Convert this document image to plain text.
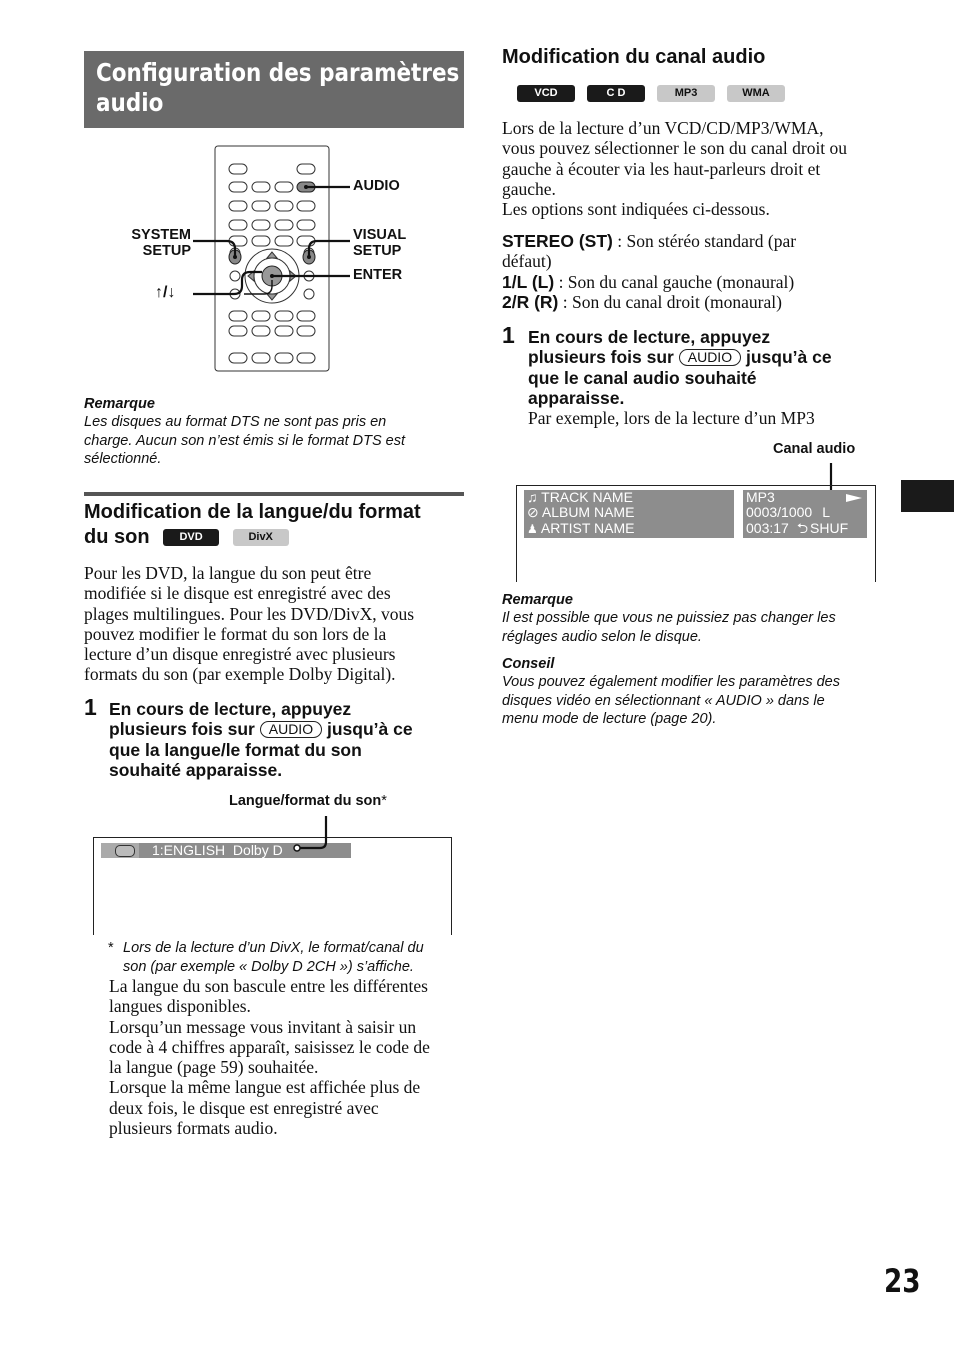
Configuration des paramètres
audio
AUDIO
SYSTEM
SETUP
VISUAL
SETUP
ENTER
↑/↓
Remarque
Les disques au format DTS ne sont pas pris en
charge. Aucun son n’est émis si le format DTS est
sélectionné.
Modification de la langue/du format
du son	DVD	DivX
Pour les DVD, la langue du son peut être
modifiée si le disque est enregistré avec des
plages multilingues. Pour les DVD/DivX, vous
pouvez modifier le format du son lors de la
lecture d’un disque enregistré avec plusieurs
formats du son (par exemple Dolby Digital).
1 En cours de lecture, appuyez
plusieurs fois sur AUDIO jusqu’à ce
que la langue/le format du son
souhaité apparaisse.
Langue/format du son*
1:ENGLISH  Dolby D
* Lors de la lecture d’un DivX, le format/canal du
son (par exemple « Dolby D 2CH ») s’affiche.
La langue du son bascule entre les différentes
langues disponibles.
Lorsqu’un message vous invitant à saisir un
code à 4 chiffres apparaît, saisissez le code de
la langue (page 59) souhaitée.
Lorsque la même langue est affichée plus de
deux fois, le disque est enregistré avec
plusieurs formats audio.
Modification du canal audio
VCD	C D	MP3	WMA
Lors de la lecture d’un VCD/CD/MP3/WMA,
vous pouvez sélectionner le son du canal droit ou
gauche à écouter via les haut-parleurs droit et
gauche.
Les options sont indiquées ci-dessous.
STEREO (ST) : Son stéréo standard (par
défaut)
1/L (L) : Son du canal gauche (monaural)
2/R (R) : Son du canal droit (monaural)
1 En cours de lecture, appuyez
plusieurs fois sur AUDIO jusqu’à ce
que le canal audio souhaité
apparaisse.
Par exemple, lors de la lecture d’un MP3
Canal audio
♫ TRACK NAME
⊘ ALBUM NAME
♟ ARTIST NAME
MP3
0003/1000 L
003:17 ⮌ SHUF
Remarque
Il est possible que vous ne puissiez pas changer les
réglages audio selon le disque.
Conseil
Vous pouvez également modifier les paramètres des
disques vidéo en sélectionnant « AUDIO » dans le
menu mode de lecture (page 20).
23
